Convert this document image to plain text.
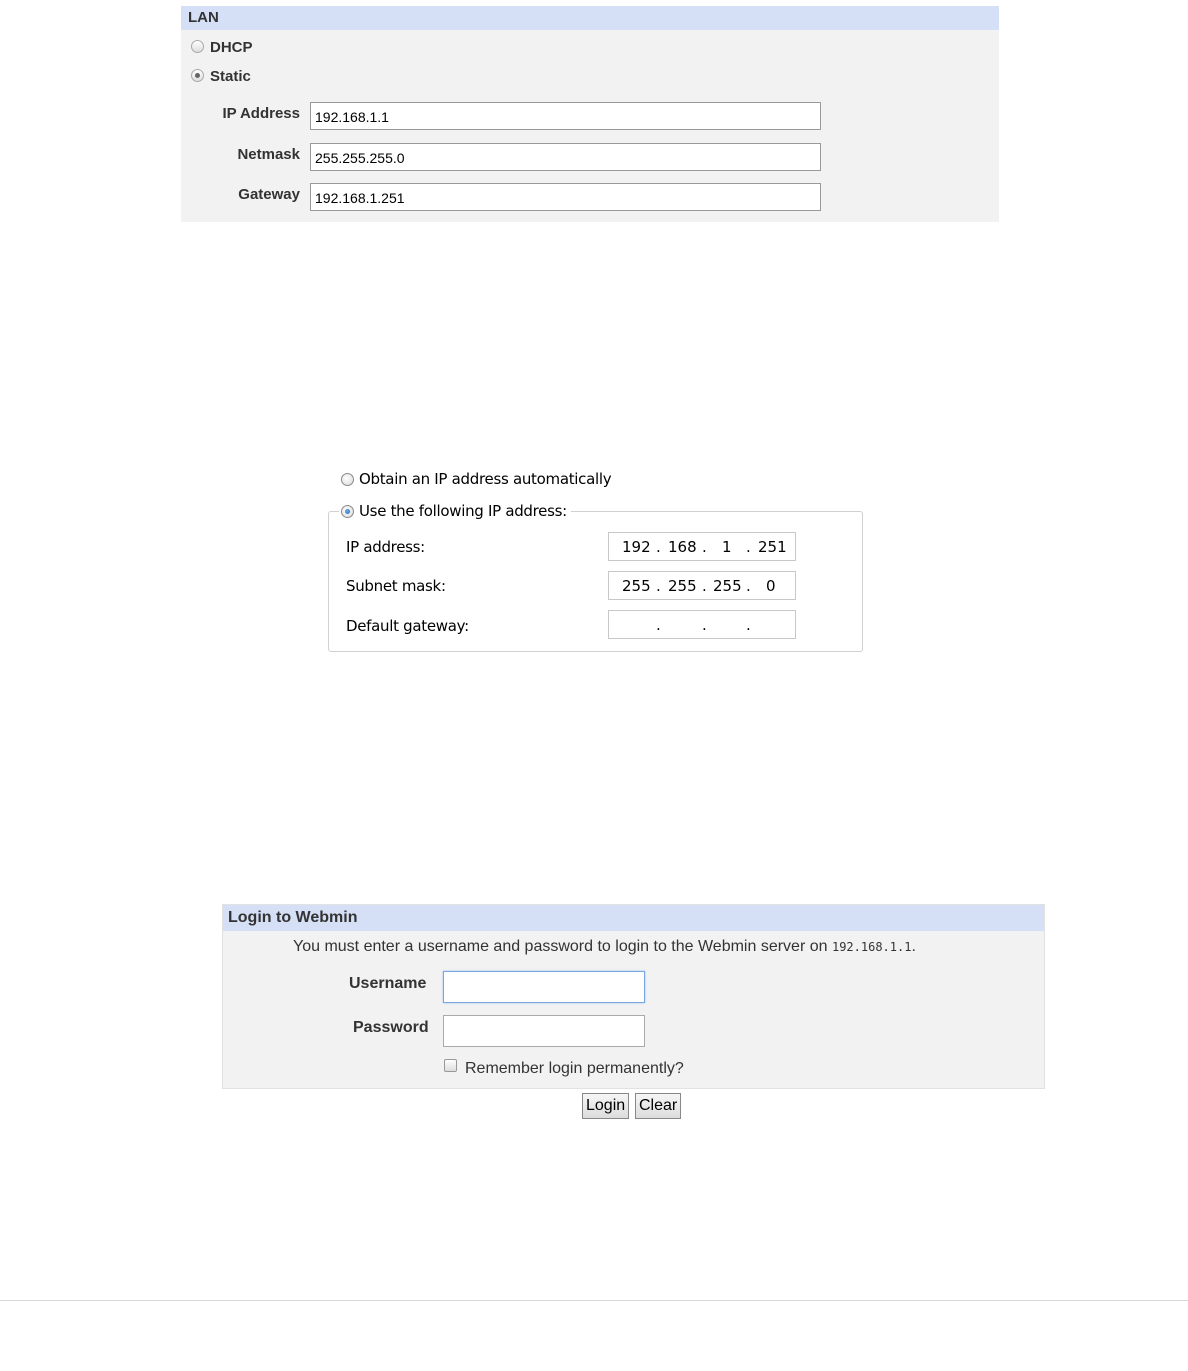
LAN
DHCP
Static
IP Address	192.168.1.1
Netmask	255.255.255.0
Gateway	192.168.1.251
Obtain an IP address automatically
Use the following IP address:
IP address:	192 . 168 . 1 . 251
Subnet mask:	255 . 255 . 255 . 0
Default gateway:	.	.	.
Login to Webmin
You must enter a username and password to login to the Webmin server on 192.168.1.1.
Username
Password
Remember login permanently?
Login Clear
